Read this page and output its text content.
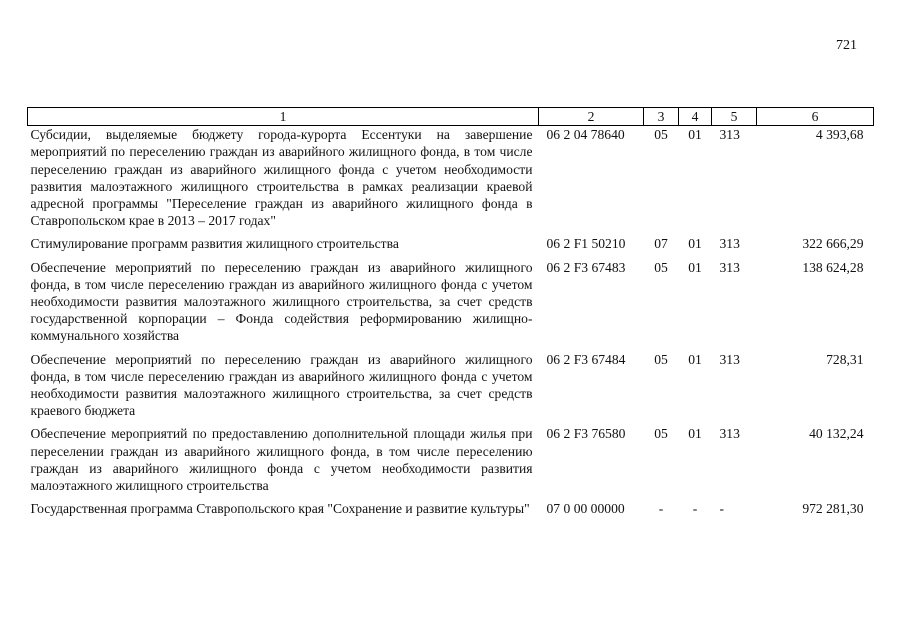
721
1	2	3	4	5	6
Субсидии, выделяемые бюджету города-курорта Ессентуки на завершение мероприятий по переселению граждан из аварийного жилищного фонда, в том числе переселению граждан из аварийного жилищного фонда с учетом необходимости развития малоэтажного жилищного строительства в рамках реализации краевой адресной программы "Переселение граждан из аварийного жилищного фонда в Ставропольском крае в 2013 – 2017 годах"	06 2 04 78640	05	01	313	4 393,68
Стимулирование программ развития жилищного строительства	06 2 F1 50210	07	01	313	322 666,29
Обеспечение мероприятий по переселению граждан из аварийного жилищного фонда, в том числе переселению граждан из аварийного жилищного фонда с учетом необходимости развития малоэтажного жилищного строительства, за счет средств государственной корпорации – Фонда содействия реформированию жилищно-коммунального хозяйства	06 2 F3 67483	05	01	313	138 624,28
Обеспечение мероприятий по переселению граждан из аварийного жилищного фонда, в том числе переселению граждан из аварийного жилищного фонда с учетом необходимости развития малоэтажного жилищного строительства, за счет средств краевого бюджета	06 2 F3 67484	05	01	313	728,31
Обеспечение мероприятий по предоставлению дополнительной площади жилья при переселении граждан из аварийного жилищного фонда, в том числе переселению граждан из аварийного жилищного фонда с учетом необходимости развития малоэтажного жилищного строительства	06 2 F3 76580	05	01	313	40 132,24
Государственная программа Ставропольского края "Сохранение и развитие культуры"	07 0 00 00000	-	-	-	972 281,30
